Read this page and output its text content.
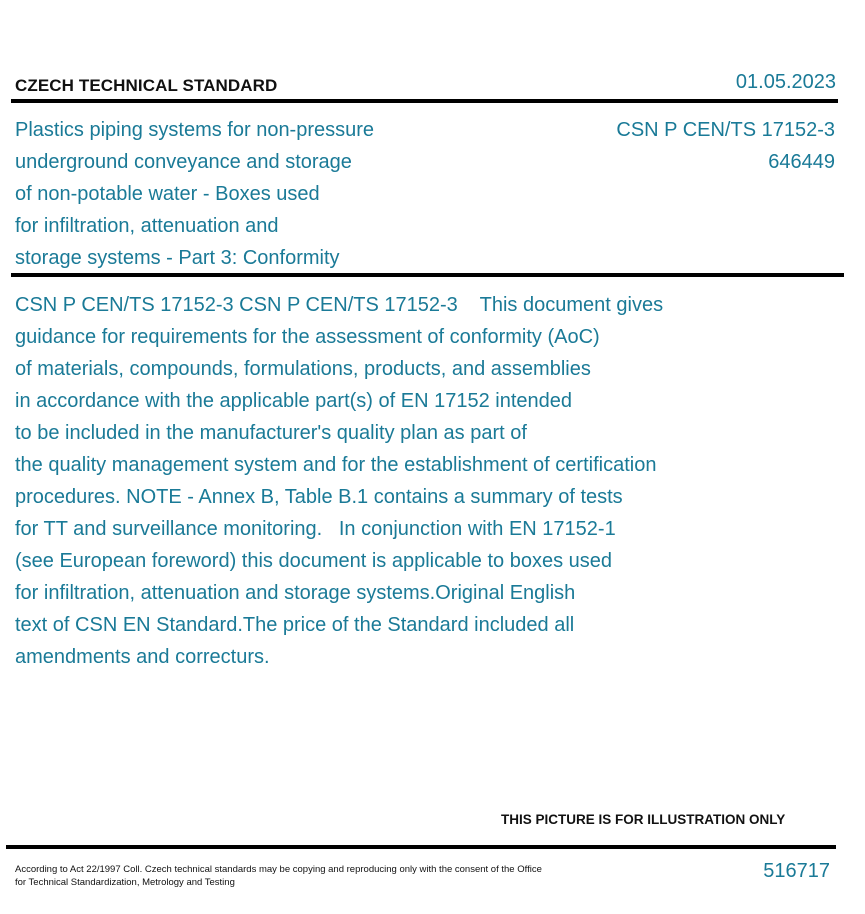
CZECH TECHNICAL STANDARD	01.05.2023
Plastics piping systems for non-pressure
underground conveyance and storage
of non-potable water - Boxes used
for infiltration, attenuation and
storage systems - Part 3: Conformity
CSN P CEN/TS 17152-3
646449
CSN P CEN/TS 17152-3 CSN P CEN/TS 17152-3    This document gives
guidance for requirements for the assessment of conformity (AoC)
of materials, compounds, formulations, products, and assemblies
in accordance with the applicable part(s) of EN 17152 intended
to be included in the manufacturer's quality plan as part of
the quality management system and for the establishment of certification
procedures. NOTE - Annex B, Table B.1 contains a summary of tests
for TT and surveillance monitoring.   In conjunction with EN 17152-1
(see European foreword) this document is applicable to boxes used
for infiltration, attenuation and storage systems.Original English
text of CSN EN Standard.The price of the Standard included all
amendments and correcturs.
THIS PICTURE IS FOR ILLUSTRATION ONLY
According to Act 22/1997 Coll. Czech technical standards may be copying and reproducing only with the consent of the Office
for Technical Standardization, Metrology and Testing
516717
